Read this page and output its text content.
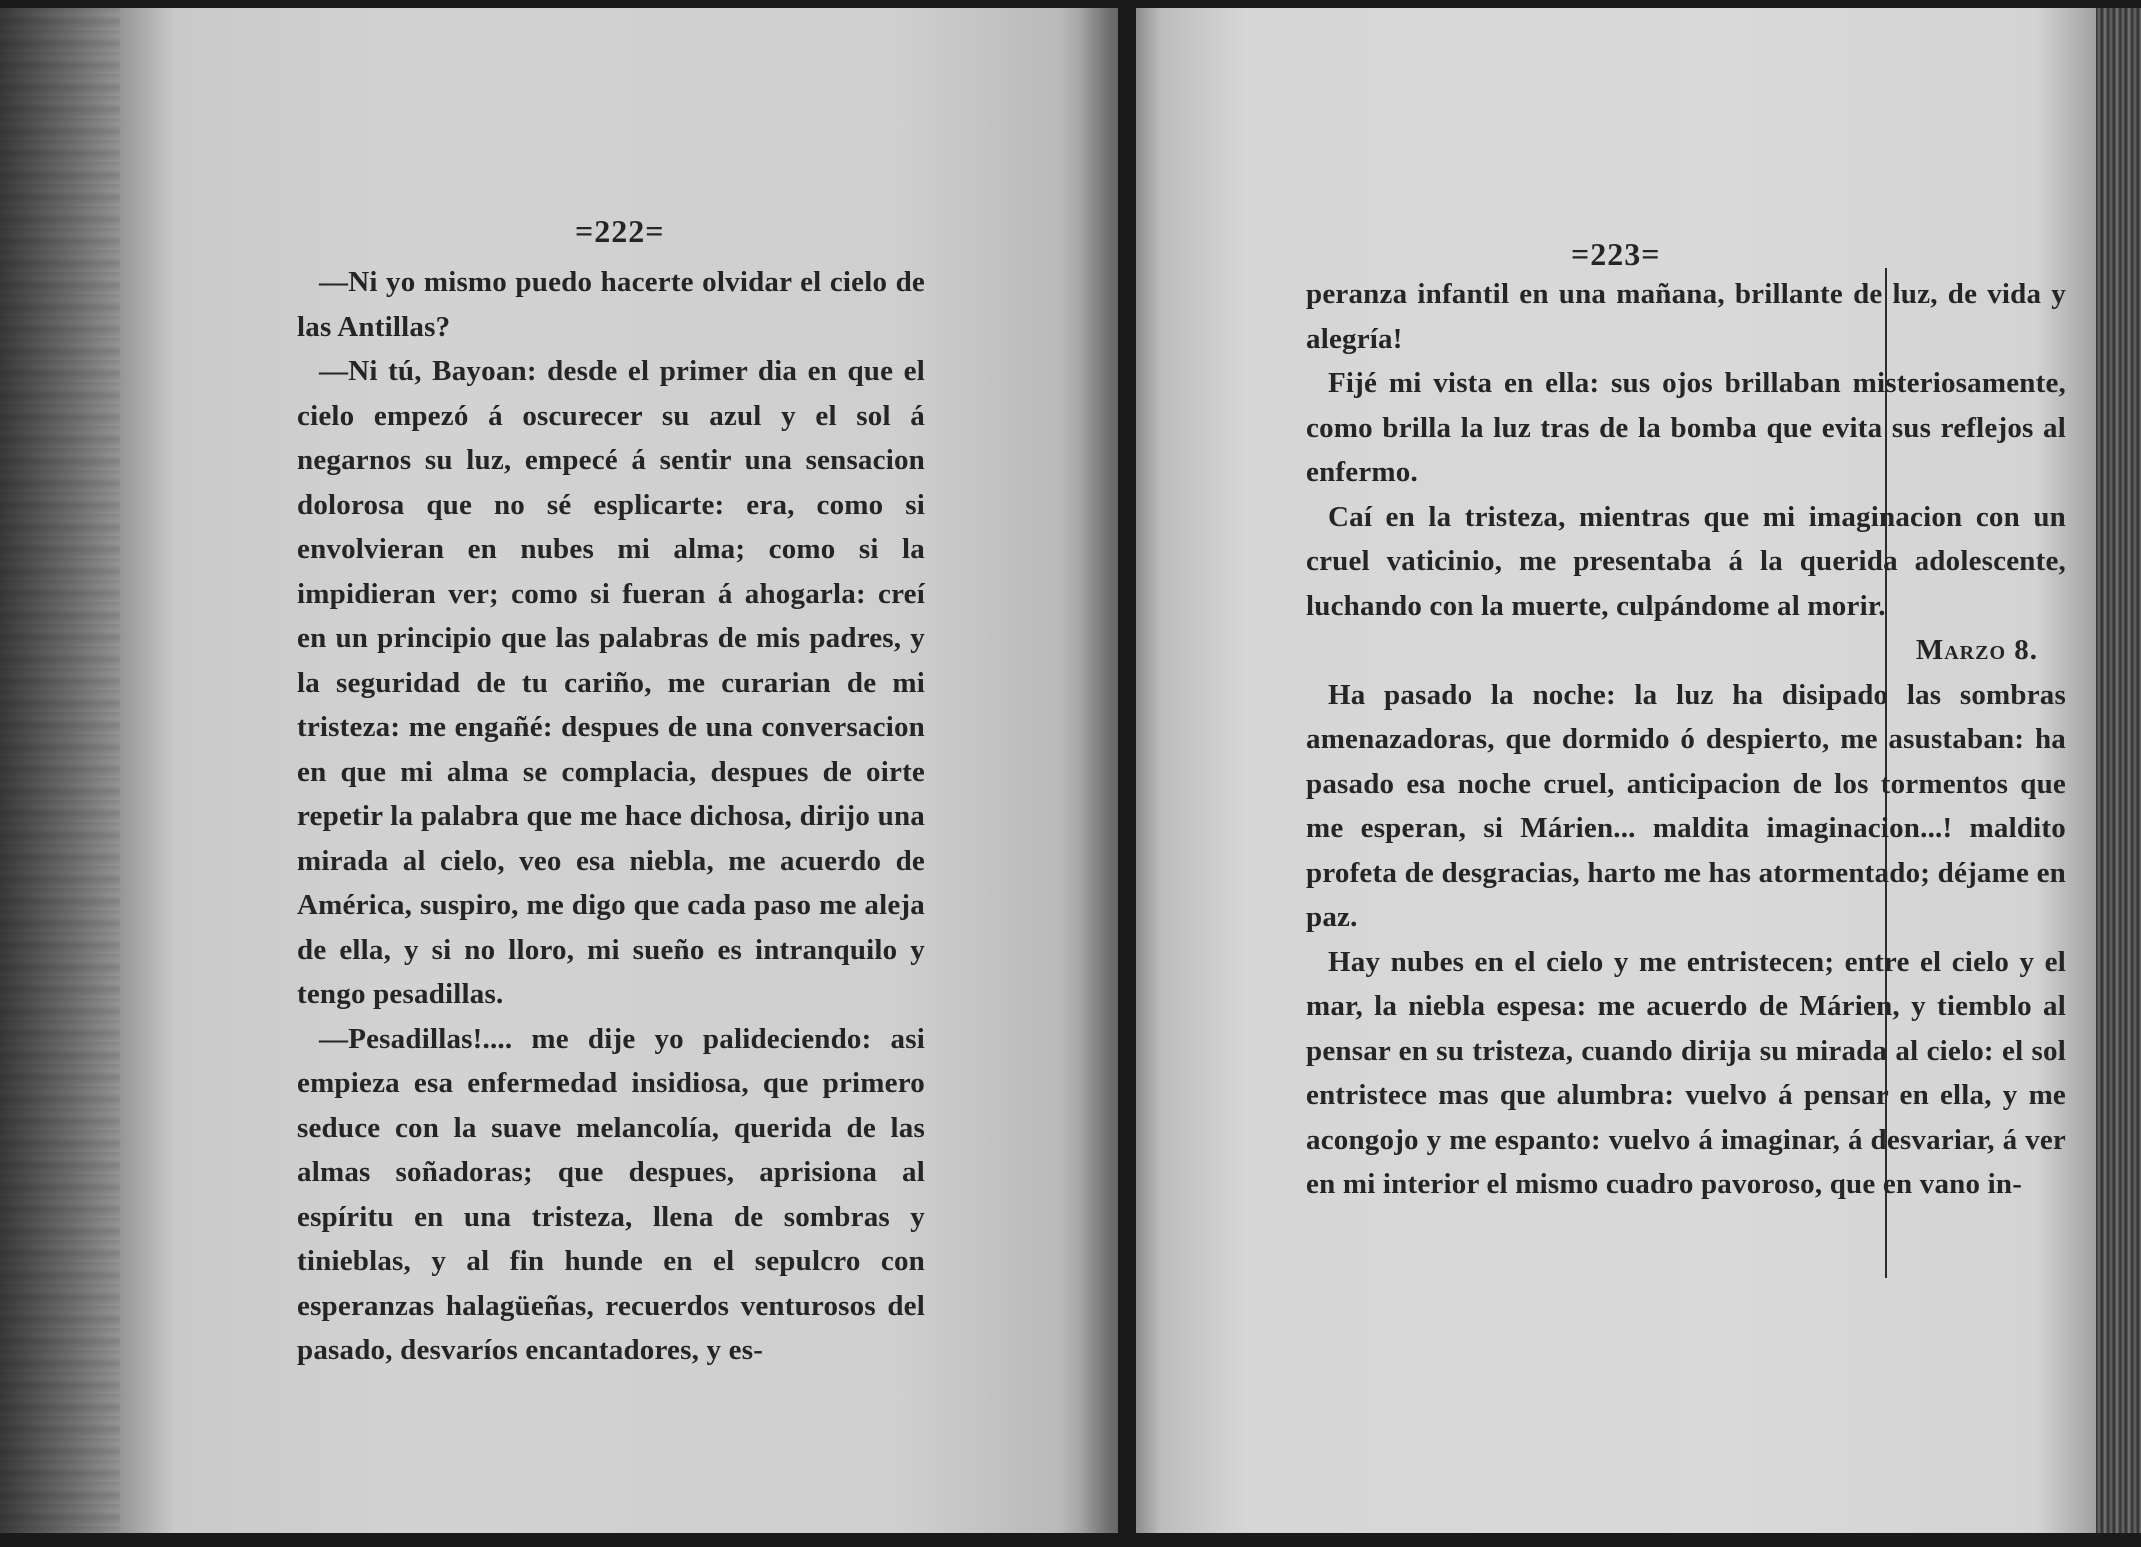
=222=

—Ni yo mismo puedo hacerte olvidar el cielo de las Antillas?

—Ni tú, Bayoan: desde el primer dia en que el cielo empezó á oscurecer su azul y el sol á negarnos su luz, empecé á sentir una sensacion dolorosa que no sé esplicarte: era, como si envolvieran en nubes mi alma; como si la impidieran ver; como si fueran á ahogarla: creí en un principio que las palabras de mis padres, y la seguridad de tu cariño, me curarian de mi tristeza: me engañé: despues de una conversacion en que mi alma se complacia, despues de oirte repetir la palabra que me hace dichosa, dirijo una mirada al cielo, veo esa niebla, me acuerdo de América, suspiro, me digo que cada paso me aleja de ella, y si no lloro, mi sueño es intranquilo y tengo pesadillas.

—Pesadillas!.... me dije yo palideciendo: asi empieza esa enfermedad insidiosa, que primero seduce con la suave melancolía, querida de las almas soñadoras; que despues, aprisiona al espíritu en una tristeza, llena de sombras y tinieblas, y al fin hunde en el sepulcro con esperanzas halagüeñas, recuerdos venturosos del pasado, desvaríos encantadores, y es-

=223=

peranza infantil en una mañana, brillante de luz, de vida y alegría!

Fijé mi vista en ella: sus ojos brillaban misteriosamente, como brilla la luz tras de la bomba que evita sus reflejos al enfermo.

Caí en la tristeza, mientras que mi imaginacion con un cruel vaticinio, me presentaba á la querida adolescente, luchando con la muerte, culpándome al morir.

Marzo 8.

Ha pasado la noche: la luz ha disipado las sombras amenazadoras, que dormido ó despierto, me asustaban: ha pasado esa noche cruel, anticipacion de los tormentos que me esperan, si Márien... maldita imaginacion...! maldito profeta de desgracias, harto me has atormentado; déjame en paz.

Hay nubes en el cielo y me entristecen; entre el cielo y el mar, la niebla espesa: me acuerdo de Márien, y tiemblo al pensar en su tristeza, cuando dirija su mirada al cielo: el sol entristece mas que alumbra: vuelvo á pensar en ella, y me acongojo y me espanto: vuelvo á imaginar, á desvariar, á ver en mi interior el mismo cuadro pavoroso, que en vano in-
